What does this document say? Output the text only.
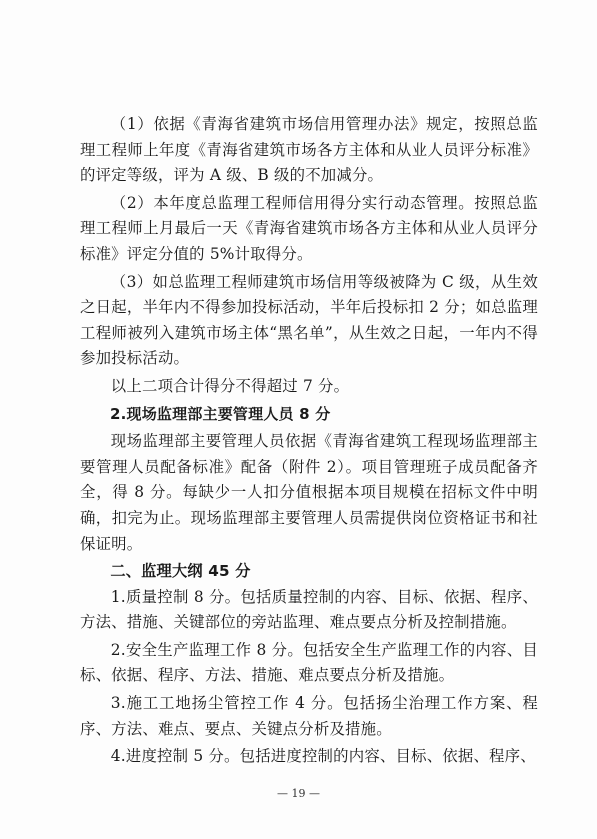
（1）依据《青海省建筑市场信用管理办法》规定，按照总监理工程师上年度《青海省建筑市场各方主体和从业人员评分标准》的评定等级，评为 A 级、B 级的不加减分。

（2）本年度总监理工程师信用得分实行动态管理。按照总监理工程师上月最后一天《青海省建筑市场各方主体和从业人员评分标准》评定分值的 5%计取得分。

（3）如总监理工程师建筑市场信用等级被降为 C 级，从生效之日起，半年内不得参加投标活动，半年后投标扣 2 分；如总监理工程师被列入建筑市场主体“黑名单”，从生效之日起，一年内不得参加投标活动。

以上二项合计得分不得超过 7 分。

2.现场监理部主要管理人员 8 分

现场监理部主要管理人员依据《青海省建筑工程现场监理部主要管理人员配备标准》配备（附件 2）。项目管理班子成员配备齐全，得 8 分。每缺少一人扣分值根据本项目规模在招标文件中明确，扣完为止。现场监理部主要管理人员需提供岗位资格证书和社保证明。

二、监理大纲 45 分

1.质量控制 8 分。包括质量控制的内容、目标、依据、程序、方法、措施、关键部位的旁站监理、难点要点分析及控制措施。

2.安全生产监理工作 8 分。包括安全生产监理工作的内容、目标、依据、程序、方法、措施、难点要点分析及措施。

3.施工工地扬尘管控工作 4 分。包括扬尘治理工作方案、程序、方法、难点、要点、关键点分析及措施。

4.进度控制 5 分。包括进度控制的内容、目标、依据、程序、

— 19 —
